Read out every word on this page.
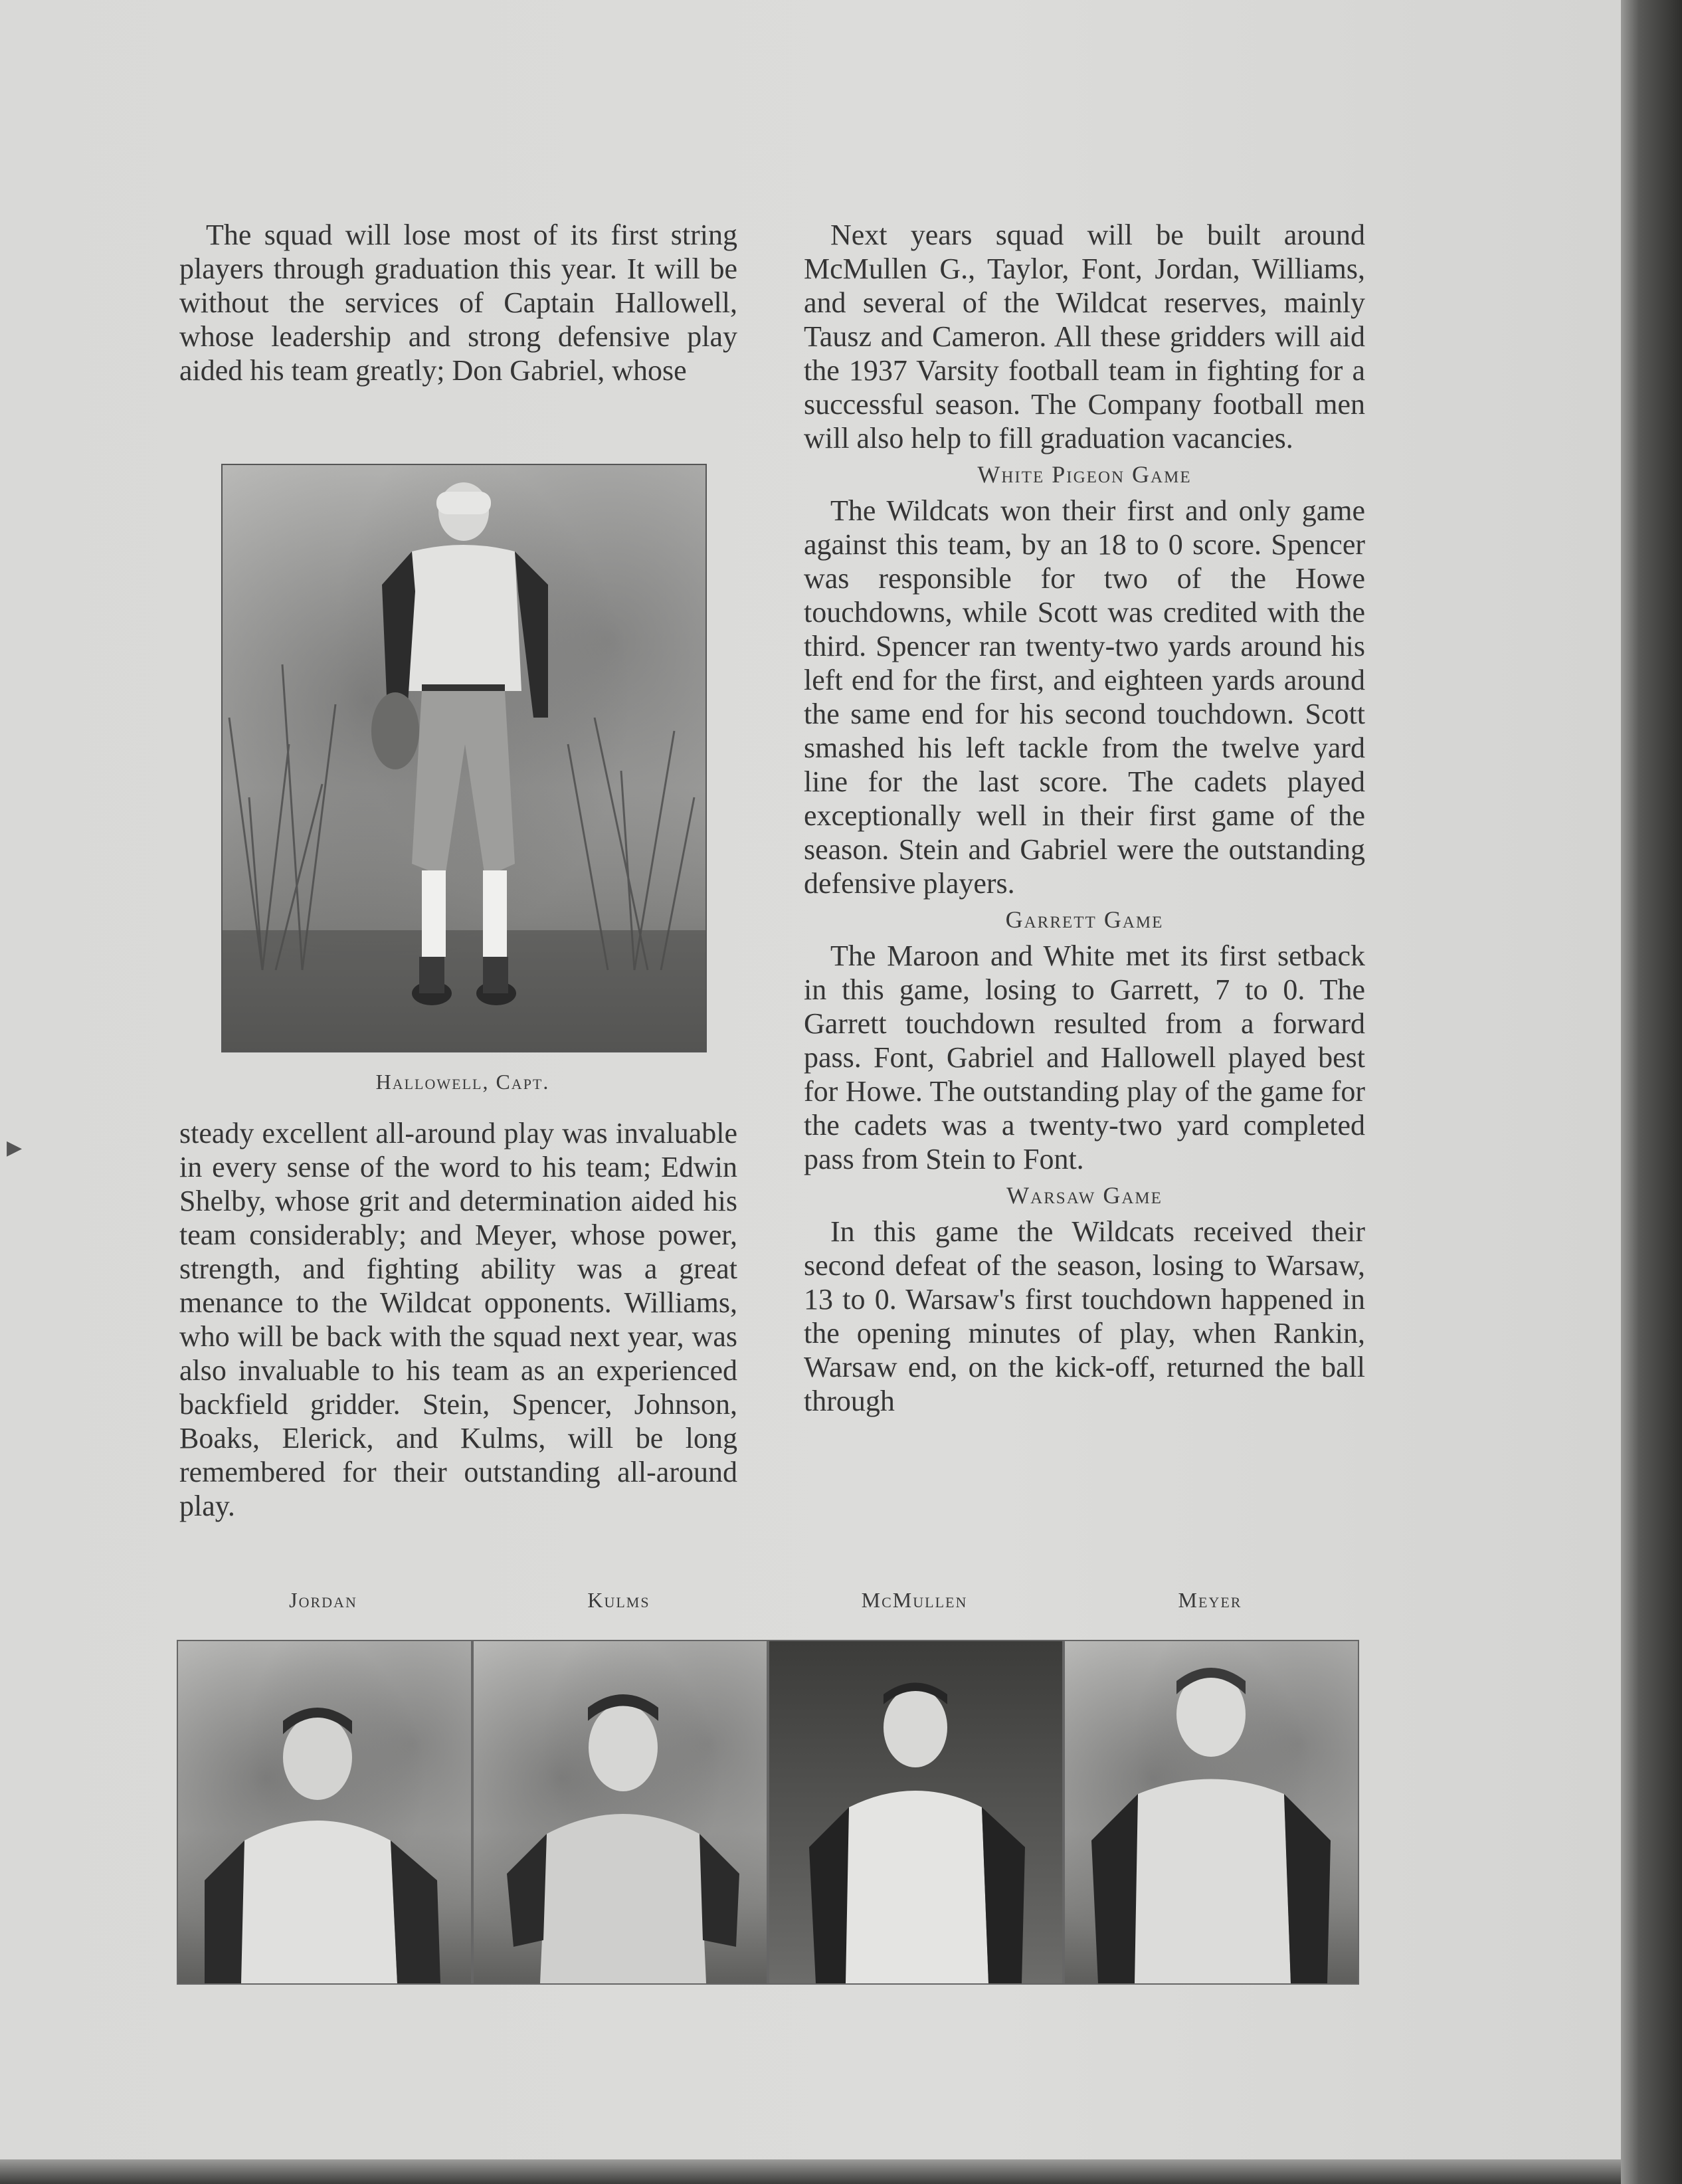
The squad will lose most of its first string players through graduation this year. It will be without the services of Captain Hallowell, whose leadership and strong defensive play aided his team greatly; Don Gabriel, whose

Hallowell, Capt.

steady excellent all-around play was invaluable in every sense of the word to his team; Edwin Shelby, whose grit and determination aided his team considerably; and Meyer, whose power, strength, and fighting ability was a great menance to the Wildcat opponents. Williams, who will be back with the squad next year, was also invaluable to his team as an experienced backfield gridder. Stein, Spencer, Johnson, Boaks, Elerick, and Kulms, will be long remembered for their outstanding all-around play.

Next years squad will be built around McMullen G., Taylor, Font, Jordan, Williams, and several of the Wildcat reserves, mainly Tausz and Cameron. All these gridders will aid the 1937 Varsity football team in fighting for a successful season. The Company football men will also help to fill graduation vacancies.

White Pigeon Game

The Wildcats won their first and only game against this team, by an 18 to 0 score. Spencer was responsible for two of the Howe touchdowns, while Scott was credited with the third. Spencer ran twenty-two yards around his left end for the first, and eighteen yards around the same end for his second touchdown. Scott smashed his left tackle from the twelve yard line for the last score. The cadets played exceptionally well in their first game of the season. Stein and Gabriel were the outstanding defensive players.

Garrett Game

The Maroon and White met its first setback in this game, losing to Garrett, 7 to 0. The Garrett touchdown resulted from a forward pass. Font, Gabriel and Hallowell played best for Howe. The outstanding play of the game for the cadets was a twenty-two yard completed pass from Stein to Font.

Warsaw Game

In this game the Wildcats received their second defeat of the season, losing to Warsaw, 13 to 0. Warsaw's first touchdown happened in the opening minutes of play, when Rankin, Warsaw end, on the kick-off, returned the ball through

Jordan	Kulms	McMullen	Meyer
▶
